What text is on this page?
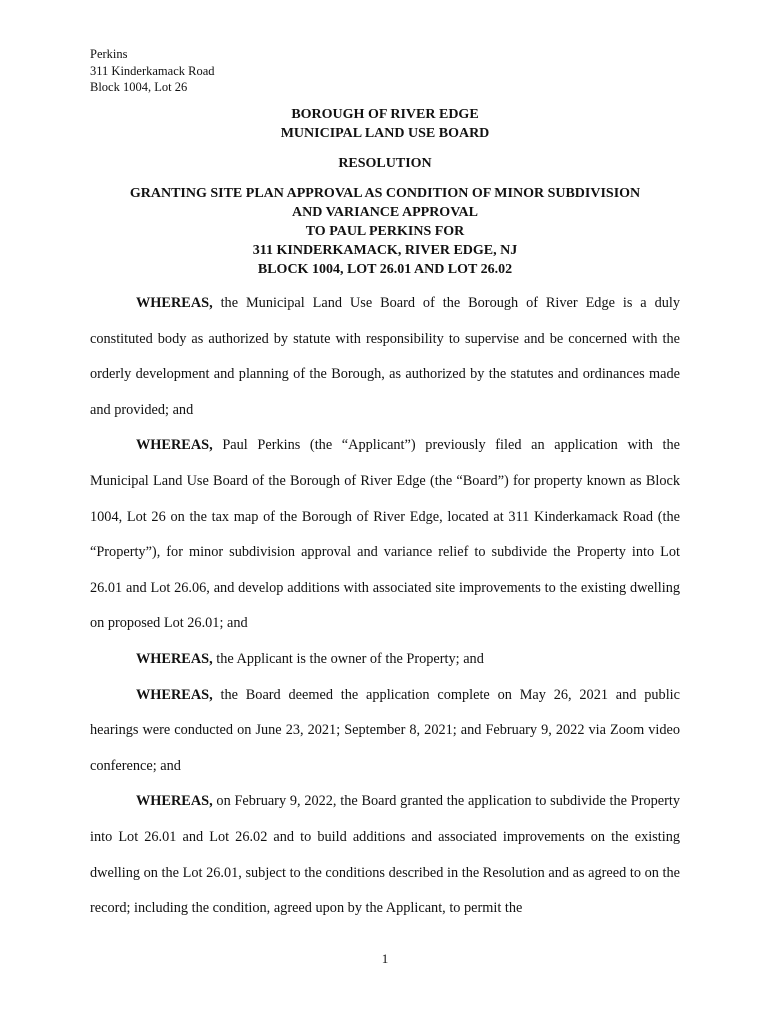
Perkins
311 Kinderkamack Road
Block 1004, Lot 26
BOROUGH OF RIVER EDGE
MUNICIPAL LAND USE BOARD
RESOLUTION
GRANTING SITE PLAN APPROVAL AS CONDITION OF MINOR SUBDIVISION
AND VARIANCE APPROVAL
TO PAUL PERKINS FOR
311 KINDERKAMACK, RIVER EDGE, NJ
BLOCK 1004, LOT 26.01 AND LOT 26.02

WHEREAS, the Municipal Land Use Board of the Borough of River Edge is a duly constituted body as authorized by statute with responsibility to supervise and be concerned with the orderly development and planning of the Borough, as authorized by the statutes and ordinances made and provided; and

WHEREAS, Paul Perkins (the “Applicant”) previously filed an application with the Municipal Land Use Board of the Borough of River Edge (the “Board”) for property known as Block 1004, Lot 26 on the tax map of the Borough of River Edge, located at 311 Kinderkamack Road (the “Property”), for minor subdivision approval and variance relief to subdivide the Property into Lot 26.01 and Lot 26.06, and develop additions with associated site improvements to the existing dwelling on proposed Lot 26.01; and

WHEREAS, the Applicant is the owner of the Property; and

WHEREAS, the Board deemed the application complete on May 26, 2021 and public hearings were conducted on June 23, 2021; September 8, 2021; and February 9, 2022 via Zoom video conference; and

WHEREAS, on February 9, 2022, the Board granted the application to subdivide the Property into Lot 26.01 and Lot 26.02 and to build additions and associated improvements on the existing dwelling on the Lot 26.01, subject to the conditions described in the Resolution and as agreed to on the record; including the condition, agreed upon by the Applicant, to permit the

1
